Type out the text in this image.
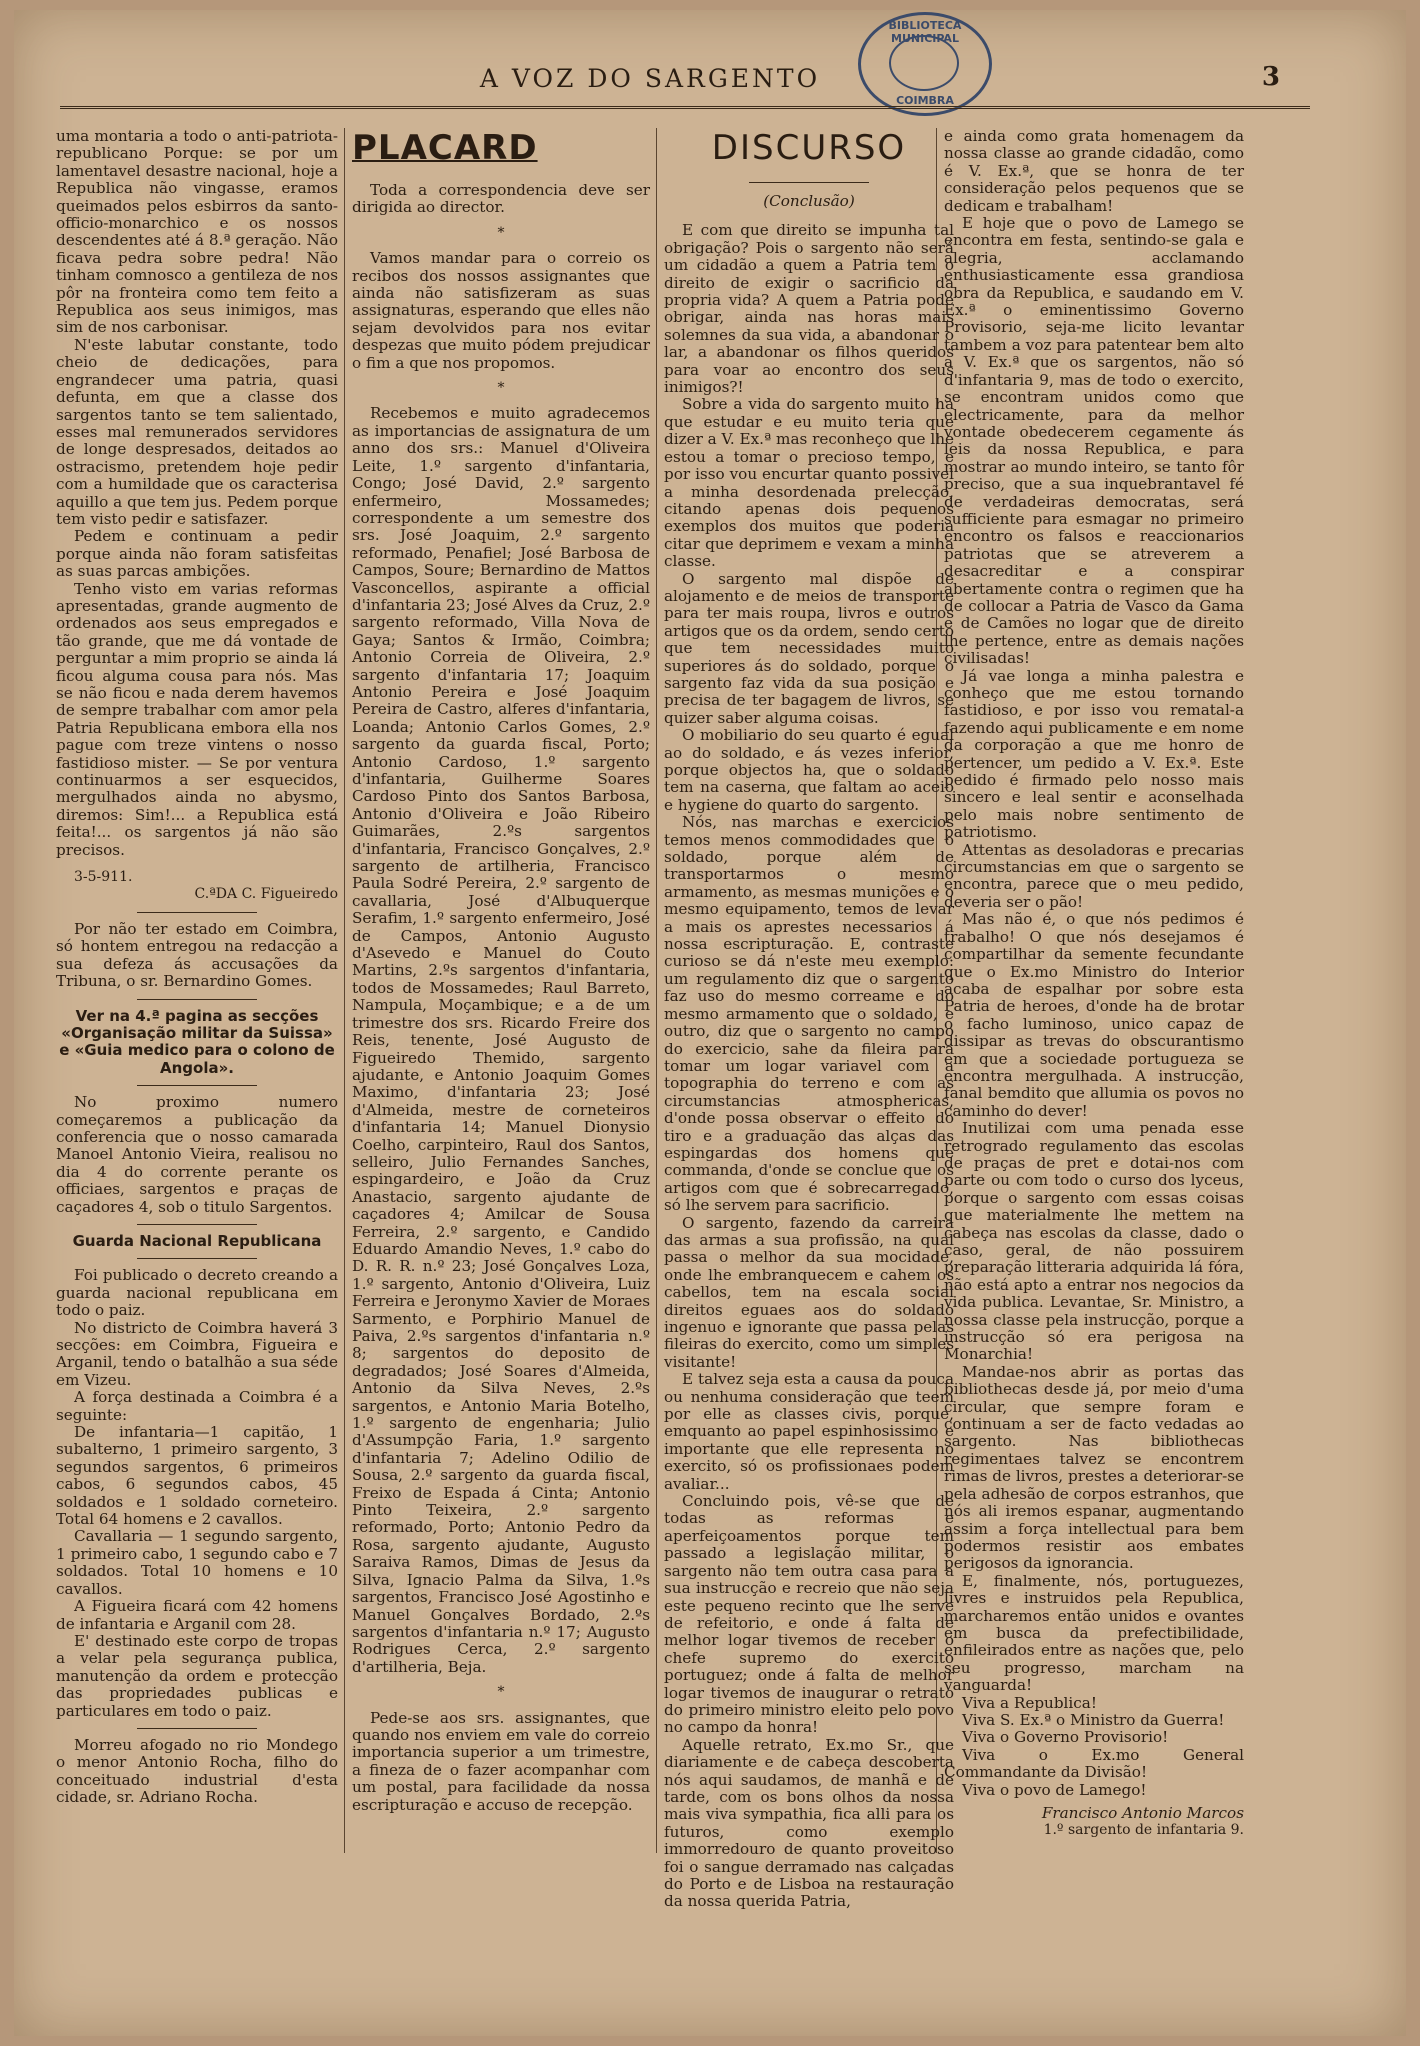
BIBLIOTECA MUNICIPAL
COIMBRA
A VOZ DO SARGENTO	3

uma montaria a todo o anti-patriota-republicano Porque: se por um lamentavel desastre nacional, hoje a Republica não vingasse, eramos queimados pelos esbirros da santo-officio-monarchico e os nossos descendentes até á 8.ª geração. Não ficava pedra sobre pedra! Não tinham comnosco a gentileza de nos pôr na fronteira como tem feito a Republica aos seus inimigos, mas sim de nos carbonisar.

N'este labutar constante, todo cheio de dedicações, para engrandecer uma patria, quasi defunta, em que a classe dos sargentos tanto se tem salientado, esses mal remunerados servidores de longe despresados, deitados ao ostracismo, pretendem hoje pedir com a humildade que os caracterisa aquillo a que tem jus. Pedem porque tem visto pedir e satisfazer.

Pedem e continuam a pedir porque ainda não foram satisfeitas as suas parcas ambições.

Tenho visto em varias reformas apresentadas, grande augmento de ordenados aos seus empregados e tão grande, que me dá vontade de perguntar a mim proprio se ainda lá ficou alguma cousa para nós. Mas se não ficou e nada derem havemos de sempre trabalhar com amor pela Patria Republicana embora ella nos pague com treze vintens o nosso fastidioso mister. — Se por ventura continuarmos a ser esquecidos, mergulhados ainda no abysmo, diremos: Sim!... a Republica está feita!... os sargentos já não são precisos.

3-5-911.

C.ªDA C. Figueiredo

Por não ter estado em Coimbra, só hontem entregou na redacção a sua defeza ás accusações da Tribuna, o sr. Bernardino Gomes.

Ver na 4.ª pagina as secções «Organisação militar da Suissa» e «Guia medico para o colono de Angola».

No proximo numero começaremos a publicação da conferencia que o nosso camarada Manoel Antonio Vieira, realisou no dia 4 do corrente perante os officiaes, sargentos e praças de caçadores 4, sob o titulo Sargentos.

Guarda Nacional Republicana

Foi publicado o decreto creando a guarda nacional republicana em todo o paiz.

No districto de Coimbra haverá 3 secções: em Coimbra, Figueira e Arganil, tendo o batalhão a sua séde em Vizeu.

A força destinada a Coimbra é a seguinte:

De infantaria—1 capitão, 1 subalterno, 1 primeiro sargento, 3 segundos sargentos, 6 primeiros cabos, 6 segundos cabos, 45 soldados e 1 soldado corneteiro. Total 64 homens e 2 cavallos.

Cavallaria — 1 segundo sargento, 1 primeiro cabo, 1 segundo cabo e 7 soldados. Total 10 homens e 10 cavallos.

A Figueira ficará com 42 homens de infantaria e Arganil com 28.

E' destinado este corpo de tropas a velar pela segurança publica, manutenção da ordem e protecção das propriedades publicas e particulares em todo o paiz.

Morreu afogado no rio Mondego o menor Antonio Rocha, filho do conceituado industrial d'esta cidade, sr. Adriano Rocha.

PLACARD

Toda a correspondencia deve ser dirigida ao director.

*

Vamos mandar para o correio os recibos dos nossos assignantes que ainda não satisfizeram as suas assignaturas, esperando que elles não sejam devolvidos para nos evitar despezas que muito pódem prejudicar o fim a que nos propomos.

*

Recebemos e muito agradecemos as importancias de assignatura de um anno dos srs.: Manuel d'Oliveira Leite, 1.º sargento d'infantaria, Congo; José David, 2.º sargento enfermeiro, Mossamedes; correspondente a um semestre dos srs. José Joaquim, 2.º sargento reformado, Penafiel; José Barbosa de Campos, Soure; Bernardino de Mattos Vasconcellos, aspirante a official d'infantaria 23; José Alves da Cruz, 2.º sargento reformado, Villa Nova de Gaya; Santos & Irmão, Coimbra; Antonio Correia de Oliveira, 2.º sargento d'infantaria 17; Joaquim Antonio Pereira e José Joaquim Pereira de Castro, alferes d'infantaria, Loanda; Antonio Carlos Gomes, 2.º sargento da guarda fiscal, Porto; Antonio Cardoso, 1.º sargento d'infantaria, Guilherme Soares Cardoso Pinto dos Santos Barbosa, Antonio d'Oliveira e João Ribeiro Guimarães, 2.ºs sargentos d'infantaria, Francisco Gonçalves, 2.º sargento de artilheria, Francisco Paula Sodré Pereira, 2.º sargento de cavallaria, José d'Albuquerque Serafim, 1.º sargento enfermeiro, José de Campos, Antonio Augusto d'Asevedo e Manuel do Couto Martins, 2.ºs sargentos d'infantaria, todos de Mossamedes; Raul Barreto, Nampula, Moçambique; e a de um trimestre dos srs. Ricardo Freire dos Reis, tenente, José Augusto de Figueiredo Themido, sargento ajudante, e Antonio Joaquim Gomes Maximo, d'infantaria 23; José d'Almeida, mestre de corneteiros d'infantaria 14; Manuel Dionysio Coelho, carpinteiro, Raul dos Santos, selleiro, Julio Fernandes Sanches, espingardeiro, e João da Cruz Anastacio, sargento ajudante de caçadores 4; Amilcar de Sousa Ferreira, 2.º sargento, e Candido Eduardo Amandio Neves, 1.º cabo do D. R. R. n.º 23; José Gonçalves Loza, 1.º sargento, Antonio d'Oliveira, Luiz Ferreira e Jeronymo Xavier de Moraes Sarmento, e Porphirio Manuel de Paiva, 2.ºs sargentos d'infantaria n.º 8; sargentos do deposito de degradados; José Soares d'Almeida, Antonio da Silva Neves, 2.ºs sargentos, e Antonio Maria Botelho, 1.º sargento de engenharia; Julio d'Assumpção Faria, 1.º sargento d'infantaria 7; Adelino Odilio de Sousa, 2.º sargento da guarda fiscal, Freixo de Espada á Cinta; Antonio Pinto Teixeira, 2.º sargento reformado, Porto; Antonio Pedro da Rosa, sargento ajudante, Augusto Saraiva Ramos, Dimas de Jesus da Silva, Ignacio Palma da Silva, 1.ºs sargentos, Francisco José Agostinho e Manuel Gonçalves Bordado, 2.ºs sargentos d'infantaria n.º 17; Augusto Rodrigues Cerca, 2.º sargento d'artilheria, Beja.

*

Pede-se aos srs. assignantes, que quando nos enviem em vale do correio importancia superior a um trimestre, a fineza de o fazer acompanhar com um postal, para facilidade da nossa escripturação e accuso de recepção.

DISCURSO
(Conclusão)

E com que direito se impunha tal obrigação? Pois o sargento não será um cidadão a quem a Patria tem o direito de exigir o sacrificio da propria vida? A quem a Patria pode obrigar, ainda nas horas mais solemnes da sua vida, a abandonar o lar, a abandonar os filhos queridos para voar ao encontro dos seus inimigos?!

Sobre a vida do sargento muito ha que estudar e eu muito teria que dizer a V. Ex.ª mas reconheço que lhe estou a tomar o precioso tempo, e por isso vou encurtar quanto possivel a minha desordenada prelecção, citando apenas dois pequenos exemplos dos muitos que poderia citar que deprimem e vexam a minha classe.

O sargento mal dispõe de alojamento e de meios de transporte para ter mais roupa, livros e outros artigos que os da ordem, sendo certo que tem necessidades muito superiores ás do soldado, porque o sargento faz vida da sua posição e precisa de ter bagagem de livros, se quizer saber alguma coisas.

O mobiliario do seu quarto é egual ao do soldado, e ás vezes inferior, porque objectos ha, que o soldado tem na caserna, que faltam ao aceio e hygiene do quarto do sargento.

Nós, nas marchas e exercicios temos menos commodidades que o soldado, porque além de transportarmos o mesmo armamento, as mesmas munições e o mesmo equipamento, temos de levar a mais os aprestes necessarios á nossa escripturação. E, contraste curioso se dá n'este meu exemplo: um regulamento diz que o sargento faz uso do mesmo correame e do mesmo armamento que o soldado, e outro, diz que o sargento no campo do exercicio, sahe da fileira para tomar um logar variavel com a topographia do terreno e com as circumstancias atmosphericas, d'onde possa observar o effeito do tiro e a graduação das alças das espingardas dos homens que commanda, d'onde se conclue que os artigos com que é sobrecarregado, só lhe servem para sacrificio.

O sargento, fazendo da carreira das armas a sua profissão, na qual passa o melhor da sua mocidade, onde lhe embranquecem e cahem os cabellos, tem na escala social direitos eguaes aos do soldado ingenuo e ignorante que passa pelas fileiras do exercito, como um simples visitante!

E talvez seja esta a causa da pouca ou nenhuma consideração que teem por elle as classes civis, porque, emquanto ao papel espinhosissimo e importante que elle representa no exercito, só os profissionaes podem avaliar...

Concluindo pois, vê-se que de todas as reformas e aperfeiçoamentos porque tem passado a legislação militar, o sargento não tem outra casa para a sua instrucção e recreio que não seja este pequeno recinto que lhe serve de refeitorio, e onde á falta de melhor logar tivemos de receber o chefe supremo do exercito portuguez; onde á falta de melhor logar tivemos de inaugurar o retrato do primeiro ministro eleito pelo povo no campo da honra!

Aquelle retrato, Ex.mo Sr., que diariamente e de cabeça descoberta nós aqui saudamos, de manhã e de tarde, com os bons olhos da nossa mais viva sympathia, fica alli para os futuros, como exemplo immorredouro de quanto proveitoso foi o sangue derramado nas calçadas do Porto e de Lisboa na restauração da nossa querida Patria,

e ainda como grata homenagem da nossa classe ao grande cidadão, como é V. Ex.ª, que se honra de ter consideração pelos pequenos que se dedicam e trabalham!

E hoje que o povo de Lamego se encontra em festa, sentindo-se gala e alegria, acclamando enthusiasticamente essa grandiosa obra da Republica, e saudando em V. Ex.ª o eminentissimo Governo Provisorio, seja-me licito levantar tambem a voz para patentear bem alto a V. Ex.ª que os sargentos, não só d'infantaria 9, mas de todo o exercito, se encontram unidos como que electricamente, para da melhor vontade obedecerem cegamente ás leis da nossa Republica, e para mostrar ao mundo inteiro, se tanto fôr preciso, que a sua inquebrantavel fé de verdadeiras democratas, será sufficiente para esmagar no primeiro encontro os falsos e reaccionarios patriotas que se atreverem a desacreditar e a conspirar abertamente contra o regimen que ha de collocar a Patria de Vasco da Gama e de Camões no logar que de direito lhe pertence, entre as demais nações civilisadas!

Já vae longa a minha palestra e conheço que me estou tornando fastidioso, e por isso vou rematal-a fazendo aqui publicamente e em nome da corporação a que me honro de pertencer, um pedido a V. Ex.ª. Este pedido é firmado pelo nosso mais sincero e leal sentir e aconselhada pelo mais nobre sentimento de patriotismo.

Attentas as desoladoras e precarias circumstancias em que o sargento se encontra, parece que o meu pedido, deveria ser o pão!

Mas não é, o que nós pedimos é trabalho! O que nós desejamos é compartilhar da semente fecundante que o Ex.mo Ministro do Interior acaba de espalhar por sobre esta Patria de heroes, d'onde ha de brotar o facho luminoso, unico capaz de dissipar as trevas do obscurantismo em que a sociedade portugueza se encontra mergulhada. A instrucção, fanal bemdito que allumia os povos no caminho do dever!

Inutilizai com uma penada esse retrogrado regulamento das escolas de praças de pret e dotai-nos com parte ou com todo o curso dos lyceus, porque o sargento com essas coisas que materialmente lhe mettem na cabeça nas escolas da classe, dado o caso, geral, de não possuirem preparação litteraria adquirida lá fóra, não está apto a entrar nos negocios da vida publica. Levantae, Sr. Ministro, a nossa classe pela instrucção, porque a instrucção só era perigosa na Monarchia!

Mandae-nos abrir as portas das bibliothecas desde já, por meio d'uma circular, que sempre foram e continuam a ser de facto vedadas ao sargento. Nas bibliothecas regimentaes talvez se encontrem rimas de livros, prestes a deteriorar-se pela adhesão de corpos estranhos, que nós ali iremos espanar, augmentando assim a força intellectual para bem podermos resistir aos embates perigosos da ignorancia.

E, finalmente, nós, portuguezes, livres e instruidos pela Republica, marcharemos então unidos e ovantes em busca da prefectibilidade, enfileirados entre as nações que, pelo seu progresso, marcham na vanguarda!

Viva a Republica!

Viva S. Ex.ª o Ministro da Guerra!

Viva o Governo Provisorio!

Viva o Ex.mo General Commandante da Divisão!

Viva o povo de Lamego!

Francisco Antonio Marcos

1.º sargento de infantaria 9.
